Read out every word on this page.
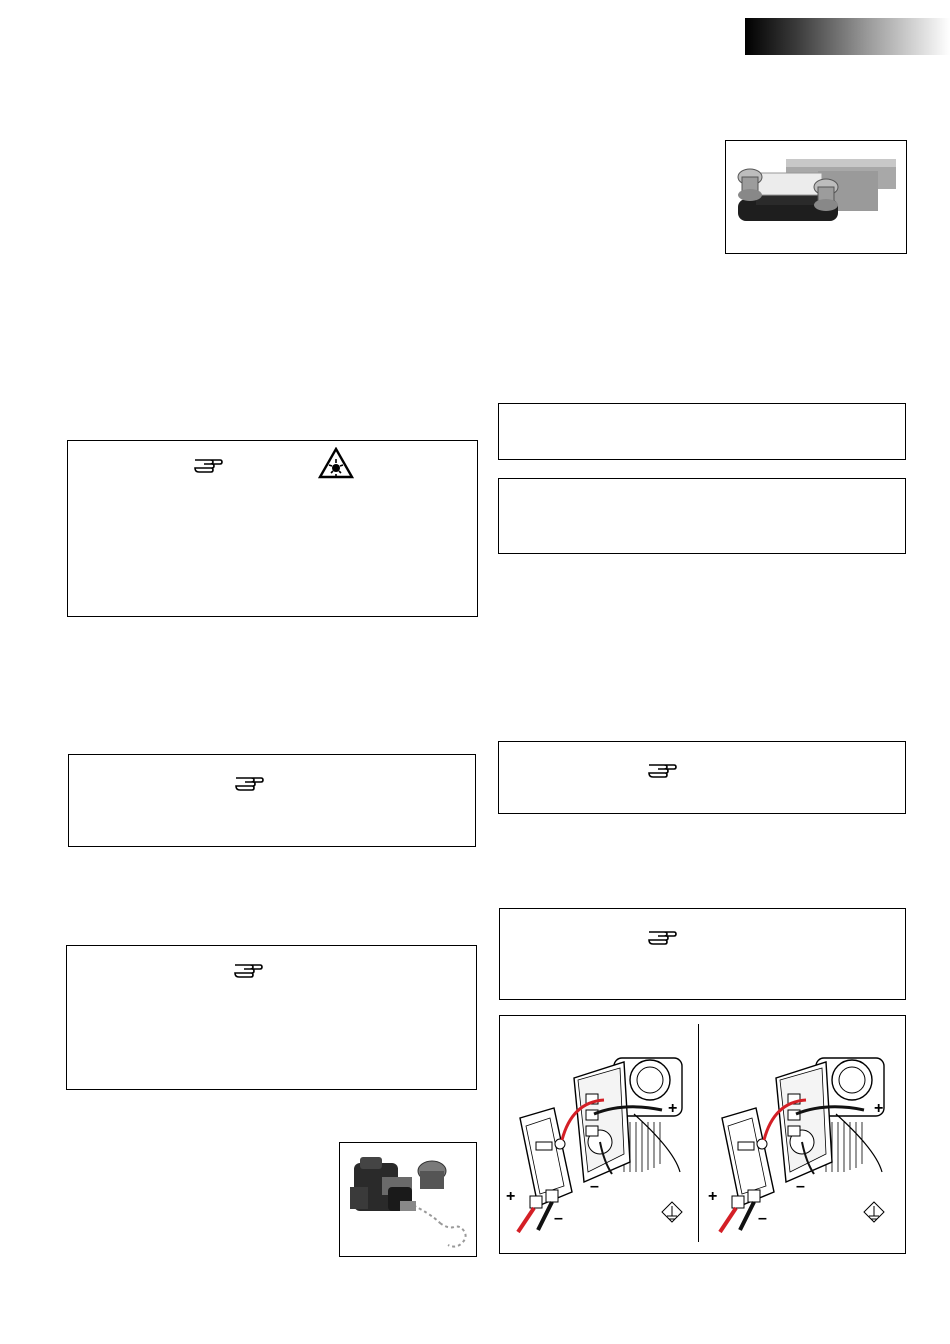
+
–
+
–
+
–
+
–
